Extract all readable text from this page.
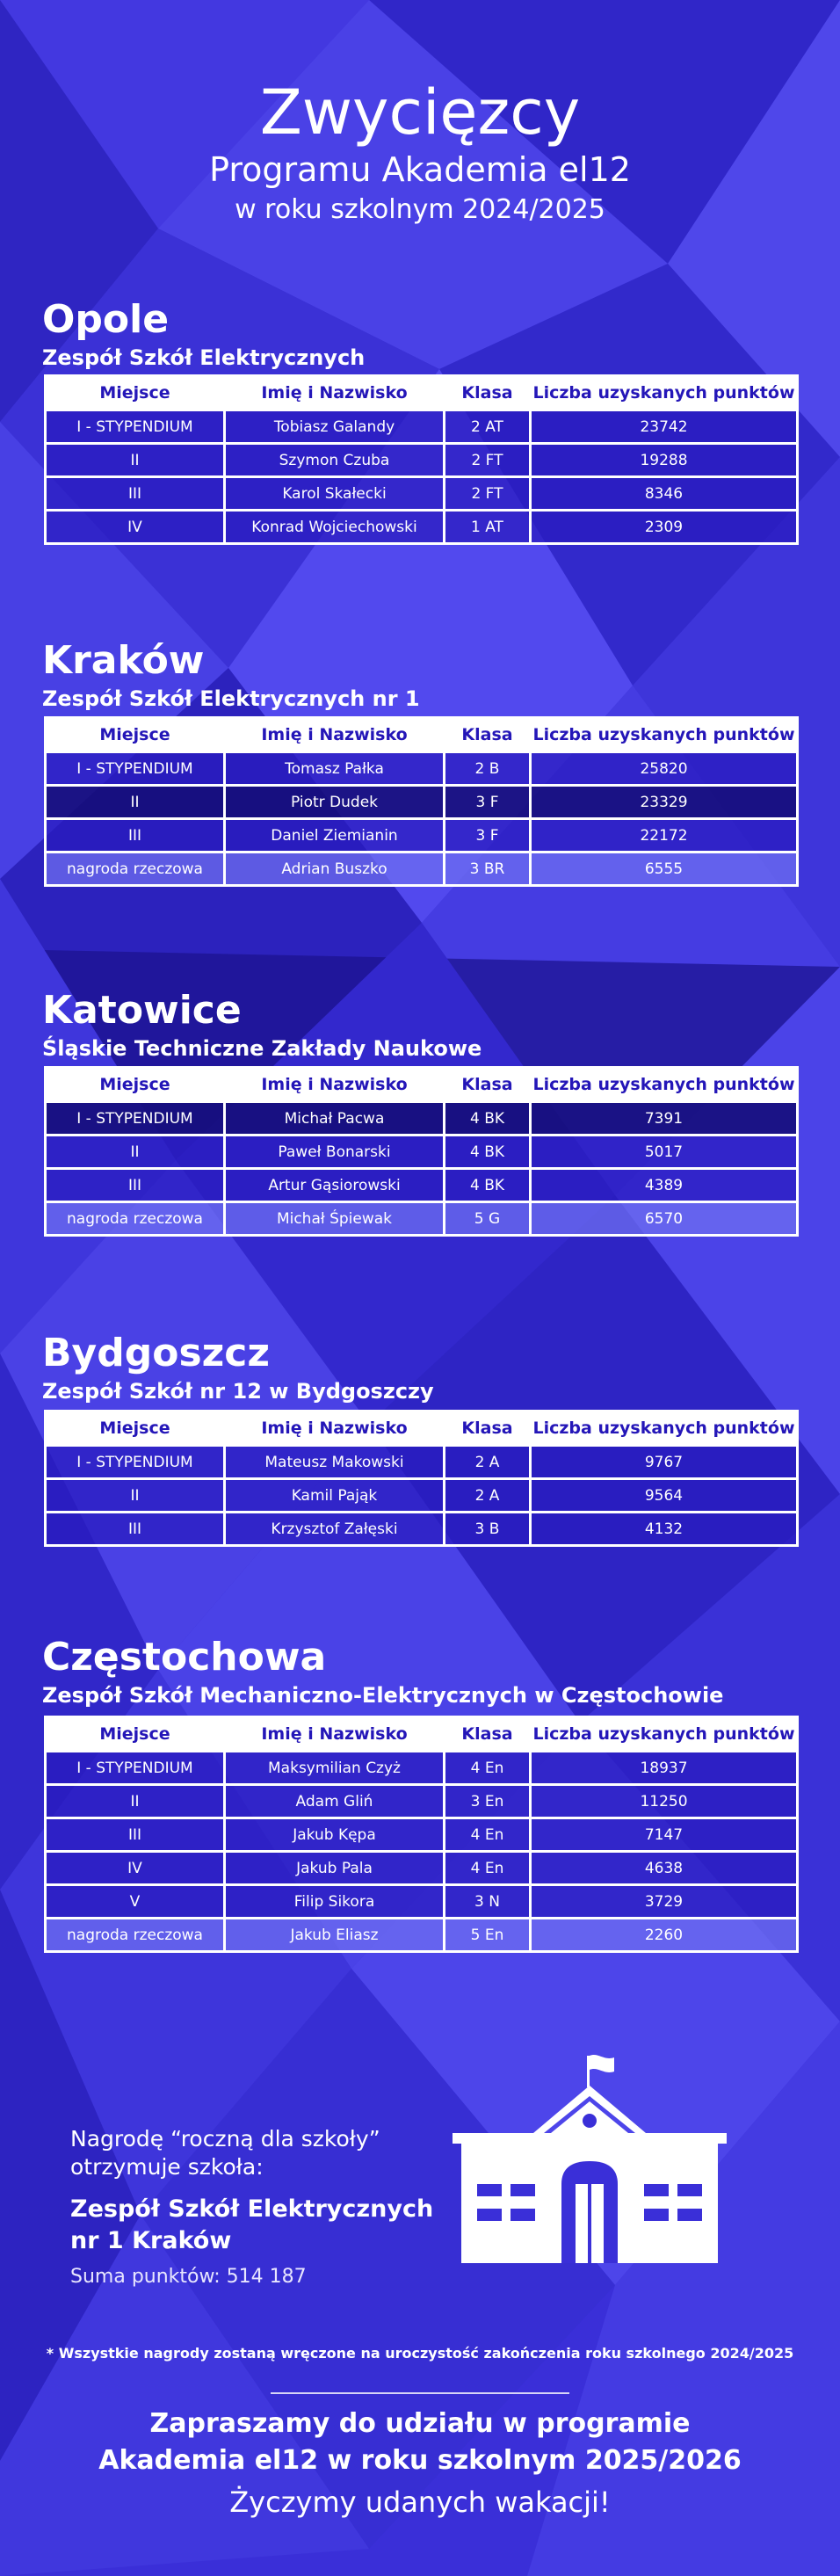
Zwycięzcy
Programu Akademia el12
w roku szkolnym 2024/2025
Opole
Zespół Szkół Elektrycznych
Miejsce	Imię i Nazwisko	Klasa	Liczba uzyskanych punktów
I - STYPENDIUM	Tobiasz Galandy	2 AT	23742
II	Szymon Czuba	2 FT	19288
III	Karol Skałecki	2 FT	8346
IV	Konrad Wojciechowski	1 AT	2309
Kraków
Zespół Szkół Elektrycznych nr 1
Miejsce	Imię i Nazwisko	Klasa	Liczba uzyskanych punktów
I - STYPENDIUM	Tomasz Pałka	2 B	25820
II	Piotr Dudek	3 F	23329
III	Daniel Ziemianin	3 F	22172
nagroda rzeczowa	Adrian Buszko	3 BR	6555
Katowice
Śląskie Techniczne Zakłady Naukowe
Miejsce	Imię i Nazwisko	Klasa	Liczba uzyskanych punktów
I - STYPENDIUM	Michał Pacwa	4 BK	7391
II	Paweł Bonarski	4 BK	5017
III	Artur Gąsiorowski	4 BK	4389
nagroda rzeczowa	Michał Śpiewak	5 G	6570
Bydgoszcz
Zespół Szkół nr 12 w Bydgoszczy
Miejsce	Imię i Nazwisko	Klasa	Liczba uzyskanych punktów
I - STYPENDIUM	Mateusz Makowski	2 A	9767
II	Kamil Pająk	2 A	9564
III	Krzysztof Załęski	3 B	4132
Częstochowa
Zespół Szkół Mechaniczno-Elektrycznych w Częstochowie
Miejsce	Imię i Nazwisko	Klasa	Liczba uzyskanych punktów
I - STYPENDIUM	Maksymilian Czyż	4 En	18937
II	Adam Gliń	3 En	11250
III	Jakub Kępa	4 En	7147
IV	Jakub Pala	4 En	4638
V	Filip Sikora	3 N	3729
nagroda rzeczowa	Jakub Eliasz	5 En	2260
Nagrodę “roczną dla szkoły”
otrzymuje szkoła:
Zespół Szkół Elektrycznych
nr 1 Kraków
Suma punktów: 514 187
* Wszystkie nagrody zostaną wręczone na uroczystość zakończenia roku szkolnego 2024/2025
Zapraszamy do udziału w programie
Akademia el12 w roku szkolnym 2025/2026
Życzymy udanych wakacji!
